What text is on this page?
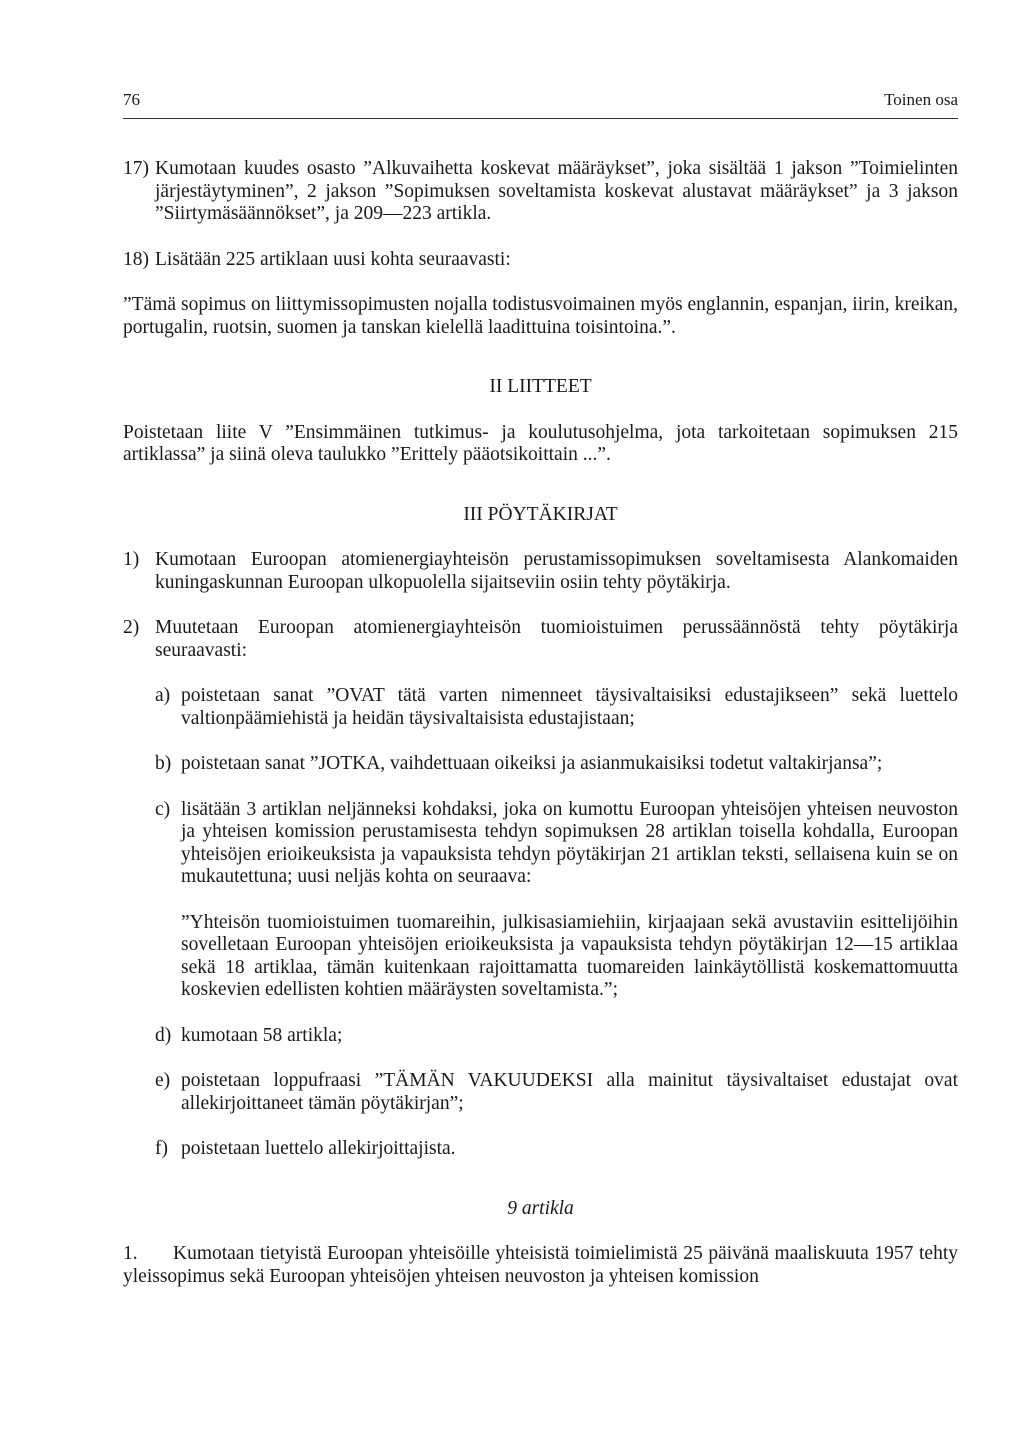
76	Toinen osa

17) Kumotaan kuudes osasto ”Alkuvaihetta koskevat määräykset”, joka sisältää 1 jakson ”Toimielinten järjestäytyminen”, 2 jakson ”Sopimuksen soveltamista koskevat alustavat määräykset” ja 3 jakson ”Siirtymäsäännökset”, ja 209—223 artikla.

18) Lisätään 225 artiklaan uusi kohta seuraavasti:

”Tämä sopimus on liittymissopimusten nojalla todistusvoimainen myös englannin, espanjan, iirin, kreikan, portugalin, ruotsin, suomen ja tanskan kielellä laadittuina toisintoina.”.

II LIITTEET

Poistetaan liite V ”Ensimmäinen tutkimus- ja koulutusohjelma, jota tarkoitetaan sopimuksen 215 artiklassa” ja siinä oleva taulukko ”Erittely pääotsikoittain ...”.

III PÖYTÄKIRJAT

1) Kumotaan Euroopan atomienergiayhteisön perustamissopimuksen soveltamisesta Alankomaiden kuningaskunnan Euroopan ulkopuolella sijaitseviin osiin tehty pöytäkirja.

2) Muutetaan Euroopan atomienergiayhteisön tuomioistuimen perussäännöstä tehty pöytäkirja seuraavasti:

a) poistetaan sanat ”OVAT tätä varten nimenneet täysivaltaisiksi edustajikseen” sekä luettelo valtionpäämiehistä ja heidän täysivaltaisista edustajistaan;

b) poistetaan sanat ”JOTKA, vaihdettuaan oikeiksi ja asianmukaisiksi todetut valtakirjansa”;

c) lisätään 3 artiklan neljänneksi kohdaksi, joka on kumottu Euroopan yhteisöjen yhteisen neuvoston ja yhteisen komission perustamisesta tehdyn sopimuksen 28 artiklan toisella kohdalla, Euroopan yhteisöjen erioikeuksista ja vapauksista tehdyn pöytäkirjan 21 artiklan teksti, sellaisena kuin se on mukautettuna; uusi neljäs kohta on seuraava:

”Yhteisön tuomioistuimen tuomareihin, julkisasiamiehiin, kirjaajaan sekä avustaviin esittelijöihin sovelletaan Euroopan yhteisöjen erioikeuksista ja vapauksista tehdyn pöytäkirjan 12—15 artiklaa sekä 18 artiklaa, tämän kuitenkaan rajoittamatta tuomareiden lainkäytöllistä koskemattomuutta koskevien edellisten kohtien määräysten soveltamista.”;

d) kumotaan 58 artikla;

e) poistetaan loppufraasi ”TÄMÄN VAKUUDEKSI alla mainitut täysivaltaiset edustajat ovat allekirjoittaneet tämän pöytäkirjan”;

f) poistetaan luettelo allekirjoittajista.

9 artikla

1. Kumotaan tietyistä Euroopan yhteisöille yhteisistä toimielimistä 25 päivänä maaliskuuta 1957 tehty yleissopimus sekä Euroopan yhteisöjen yhteisen neuvoston ja yhteisen komission
